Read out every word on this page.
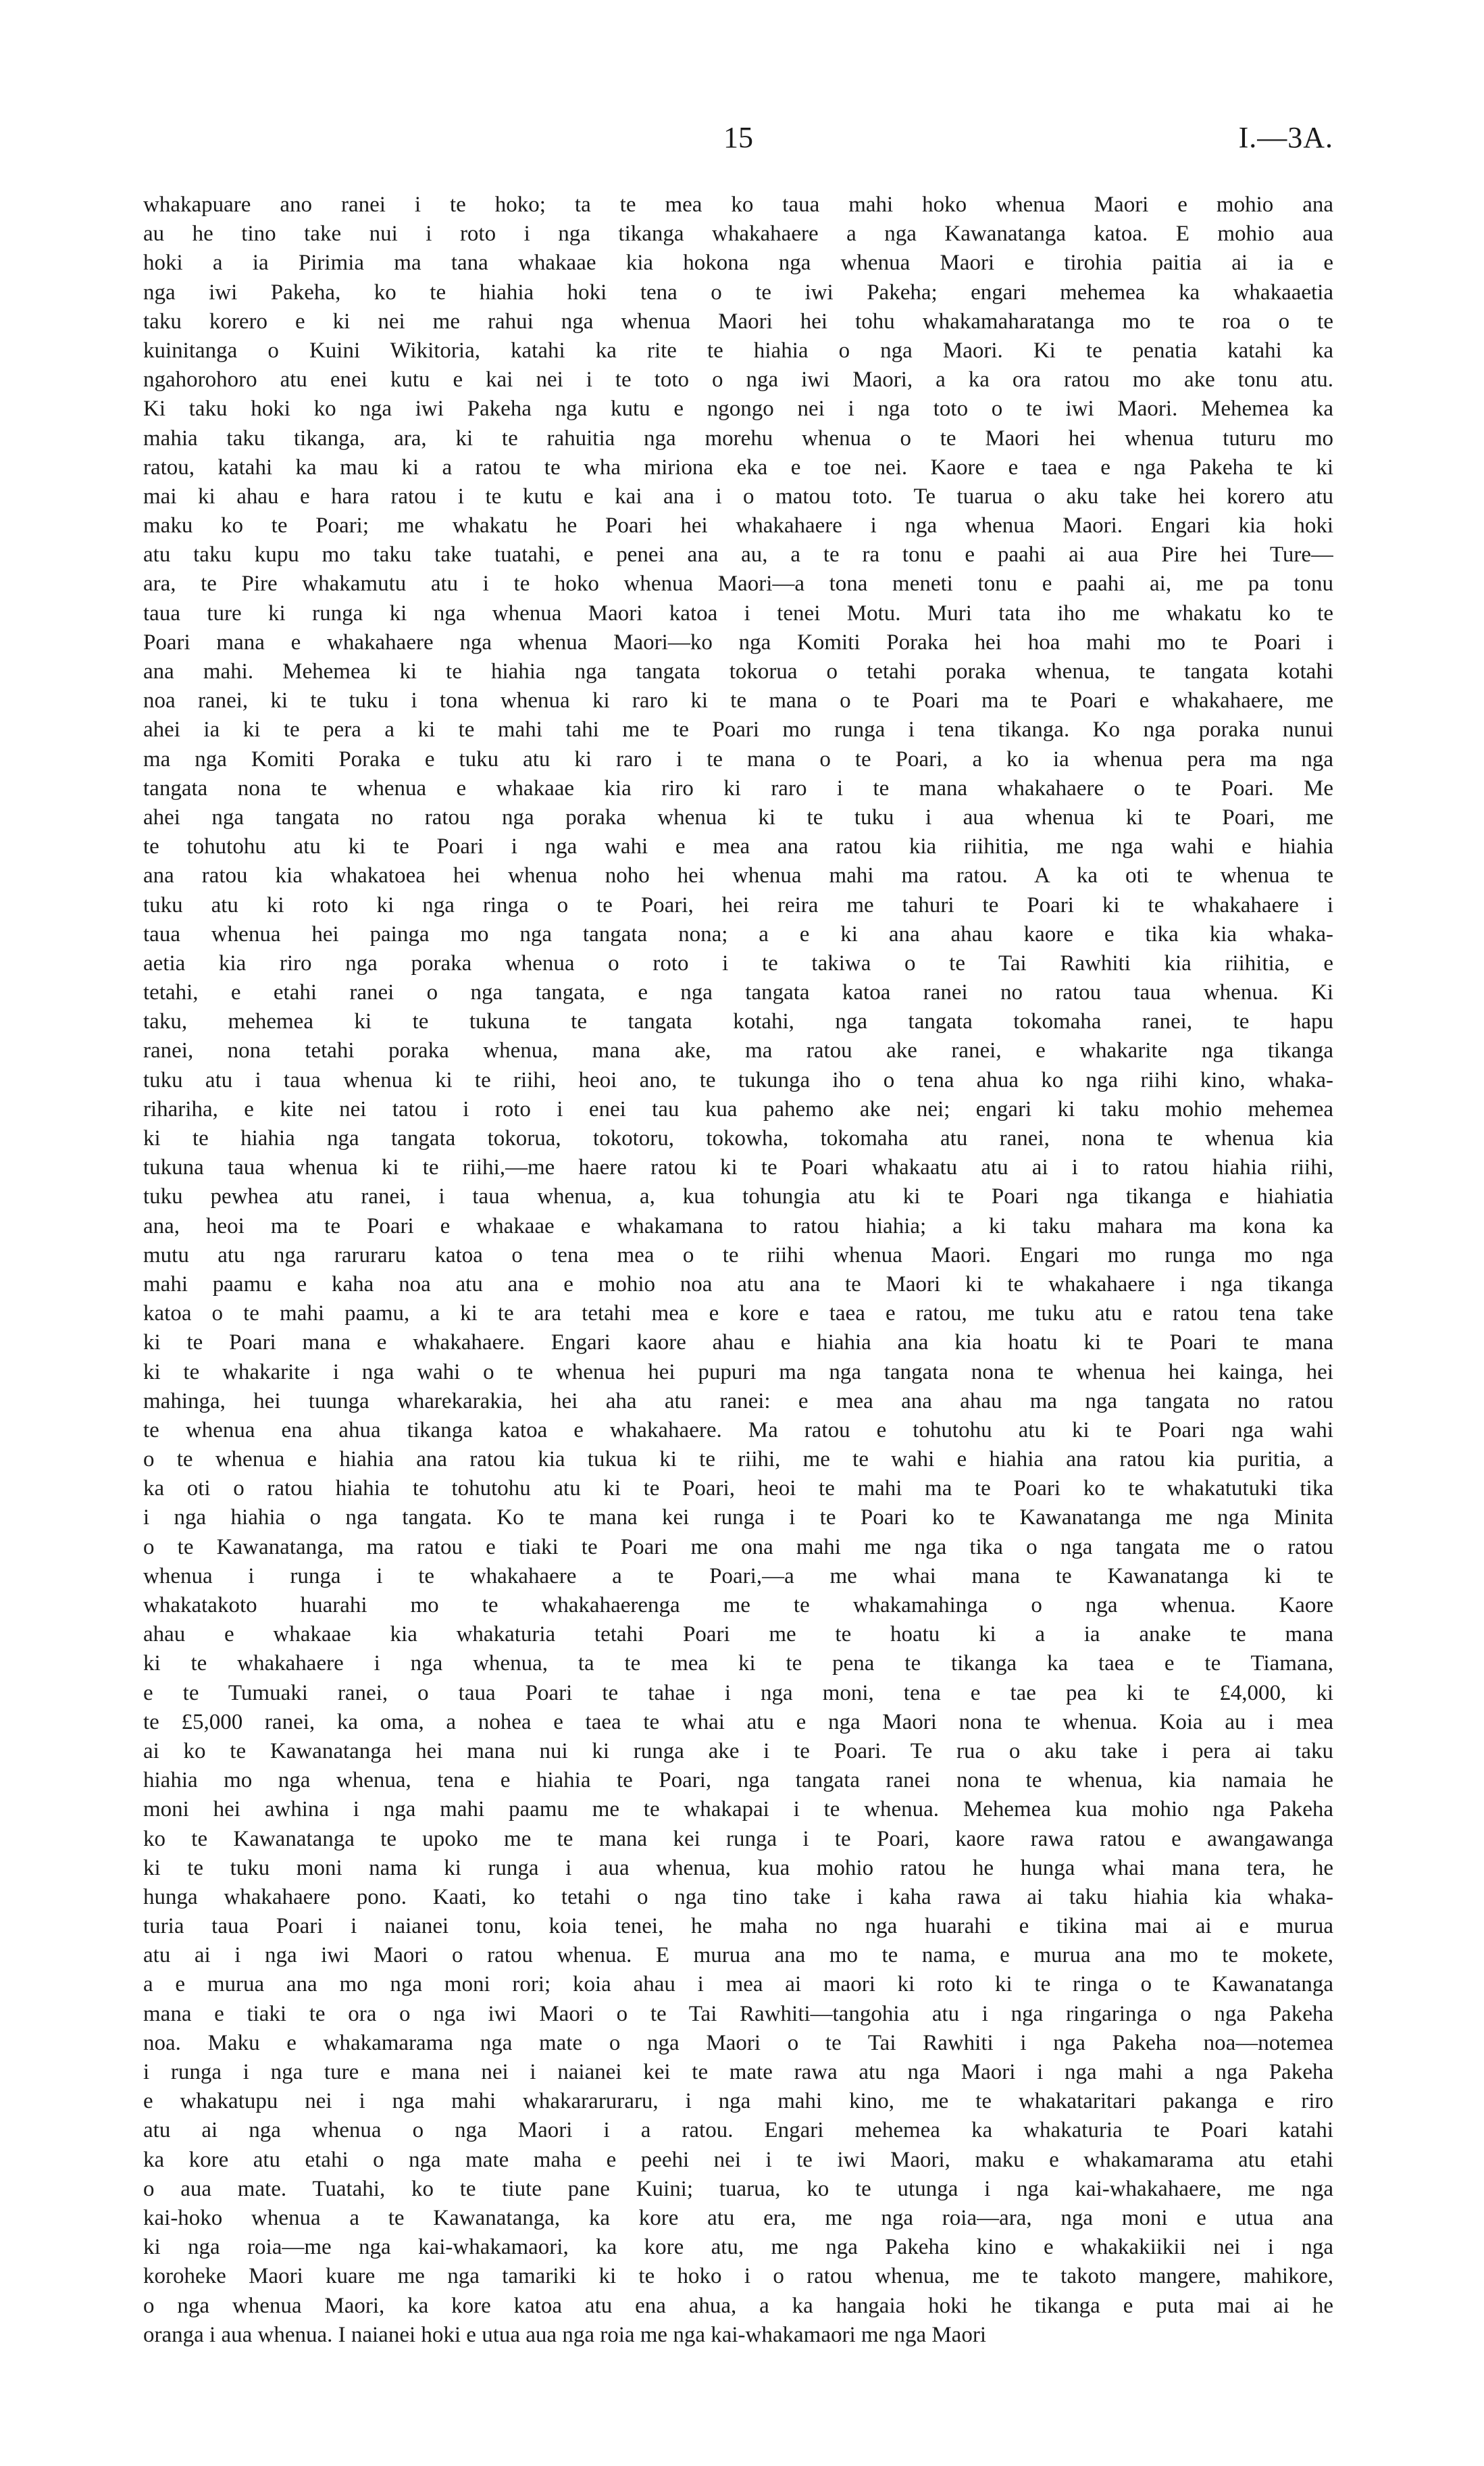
15	I.—3A.
whakapuare ano ranei i te hoko; ta te mea ko taua mahi hoko whenua Maori e mohio ana
au he tino take nui i roto i nga tikanga whakahaere a nga Kawanatanga katoa. E mohio aua
hoki a ia Pirimia ma tana whakaae kia hokona nga whenua Maori e tirohia paitia ai ia e
nga iwi Pakeha, ko te hiahia hoki tena o te iwi Pakeha; engari mehemea ka whakaaetia
taku korero e ki nei me rahui nga whenua Maori hei tohu whakamaharatanga mo te roa o te
kuinitanga o Kuini Wikitoria, katahi ka rite te hiahia o nga Maori. Ki te penatia katahi ka
ngahorohoro atu enei kutu e kai nei i te toto o nga iwi Maori, a ka ora ratou mo ake tonu atu.
Ki taku hoki ko nga iwi Pakeha nga kutu e ngongo nei i nga toto o te iwi Maori. Mehemea ka
mahia taku tikanga, ara, ki te rahuitia nga morehu whenua o te Maori hei whenua tuturu mo
ratou, katahi ka mau ki a ratou te wha miriona eka e toe nei. Kaore e taea e nga Pakeha te ki
mai ki ahau e hara ratou i te kutu e kai ana i o matou toto. Te tuarua o aku take hei korero atu
maku ko te Poari; me whakatu he Poari hei whakahaere i nga whenua Maori. Engari kia hoki
atu taku kupu mo taku take tuatahi, e penei ana au, a te ra tonu e paahi ai aua Pire hei Ture—
ara, te Pire whakamutu atu i te hoko whenua Maori—a tona meneti tonu e paahi ai, me pa tonu
taua ture ki runga ki nga whenua Maori katoa i tenei Motu. Muri tata iho me whakatu ko te
Poari mana e whakahaere nga whenua Maori—ko nga Komiti Poraka hei hoa mahi mo te Poari i
ana mahi. Mehemea ki te hiahia nga tangata tokorua o tetahi poraka whenua, te tangata kotahi
noa ranei, ki te tuku i tona whenua ki raro ki te mana o te Poari ma te Poari e whakahaere, me
ahei ia ki te pera a ki te mahi tahi me te Poari mo runga i tena tikanga. Ko nga poraka nunui
ma nga Komiti Poraka e tuku atu ki raro i te mana o te Poari, a ko ia whenua pera ma nga
tangata nona te whenua e whakaae kia riro ki raro i te mana whakahaere o te Poari. Me
ahei nga tangata no ratou nga poraka whenua ki te tuku i aua whenua ki te Poari, me
te tohutohu atu ki te Poari i nga wahi e mea ana ratou kia riihitia, me nga wahi e hiahia
ana ratou kia whakatoea hei whenua noho hei whenua mahi ma ratou. A ka oti te whenua te
tuku atu ki roto ki nga ringa o te Poari, hei reira me tahuri te Poari ki te whakahaere i
taua whenua hei painga mo nga tangata nona; a e ki ana ahau kaore e tika kia whaka-
aetia kia riro nga poraka whenua o roto i te takiwa o te Tai Rawhiti kia riihitia, e
tetahi, e etahi ranei o nga tangata, e nga tangata katoa ranei no ratou taua whenua. Ki
taku, mehemea ki te tukuna te tangata kotahi, nga tangata tokomaha ranei, te hapu
ranei, nona tetahi poraka whenua, mana ake, ma ratou ake ranei, e whakarite nga tikanga
tuku atu i taua whenua ki te riihi, heoi ano, te tukunga iho o tena ahua ko nga riihi kino, whaka-
rihariha, e kite nei tatou i roto i enei tau kua pahemo ake nei; engari ki taku mohio mehemea
ki te hiahia nga tangata tokorua, tokotoru, tokowha, tokomaha atu ranei, nona te whenua kia
tukuna taua whenua ki te riihi,—me haere ratou ki te Poari whakaatu atu ai i to ratou hiahia riihi,
tuku pewhea atu ranei, i taua whenua, a, kua tohungia atu ki te Poari nga tikanga e hiahiatia
ana, heoi ma te Poari e whakaae e whakamana to ratou hiahia; a ki taku mahara ma kona ka
mutu atu nga raruraru katoa o tena mea o te riihi whenua Maori. Engari mo runga mo nga
mahi paamu e kaha noa atu ana e mohio noa atu ana te Maori ki te whakahaere i nga tikanga
katoa o te mahi paamu, a ki te ara tetahi mea e kore e taea e ratou, me tuku atu e ratou tena take
ki te Poari mana e whakahaere. Engari kaore ahau e hiahia ana kia hoatu ki te Poari te mana
ki te whakarite i nga wahi o te whenua hei pupuri ma nga tangata nona te whenua hei kainga, hei
mahinga, hei tuunga wharekarakia, hei aha atu ranei: e mea ana ahau ma nga tangata no ratou
te whenua ena ahua tikanga katoa e whakahaere. Ma ratou e tohutohu atu ki te Poari nga wahi
o te whenua e hiahia ana ratou kia tukua ki te riihi, me te wahi e hiahia ana ratou kia puritia, a
ka oti o ratou hiahia te tohutohu atu ki te Poari, heoi te mahi ma te Poari ko te whakatutuki tika
i nga hiahia o nga tangata. Ko te mana kei runga i te Poari ko te Kawanatanga me nga Minita
o te Kawanatanga, ma ratou e tiaki te Poari me ona mahi me nga tika o nga tangata me o ratou
whenua i runga i te whakahaere a te Poari,—a me whai mana te Kawanatanga ki te
whakatakoto huarahi mo te whakahaerenga me te whakamahinga o nga whenua. Kaore
ahau e whakaae kia whakaturia tetahi Poari me te hoatu ki a ia anake te mana
ki te whakahaere i nga whenua, ta te mea ki te pena te tikanga ka taea e te Tiamana,
e te Tumuaki ranei, o taua Poari te tahae i nga moni, tena e tae pea ki te £4,000, ki
te £5,000 ranei, ka oma, a nohea e taea te whai atu e nga Maori nona te whenua. Koia au i mea
ai ko te Kawanatanga hei mana nui ki runga ake i te Poari. Te rua o aku take i pera ai taku
hiahia mo nga whenua, tena e hiahia te Poari, nga tangata ranei nona te whenua, kia namaia he
moni hei awhina i nga mahi paamu me te whakapai i te whenua. Mehemea kua mohio nga Pakeha
ko te Kawanatanga te upoko me te mana kei runga i te Poari, kaore rawa ratou e awangawanga
ki te tuku moni nama ki runga i aua whenua, kua mohio ratou he hunga whai mana tera, he
hunga whakahaere pono. Kaati, ko tetahi o nga tino take i kaha rawa ai taku hiahia kia whaka-
turia taua Poari i naianei tonu, koia tenei, he maha no nga huarahi e tikina mai ai e murua
atu ai i nga iwi Maori o ratou whenua. E murua ana mo te nama, e murua ana mo te mokete,
a e murua ana mo nga moni rori; koia ahau i mea ai maori ki roto ki te ringa o te Kawanatanga
mana e tiaki te ora o nga iwi Maori o te Tai Rawhiti—tangohia atu i nga ringaringa o nga Pakeha
noa. Maku e whakamarama nga mate o nga Maori o te Tai Rawhiti i nga Pakeha noa—notemea
i runga i nga ture e mana nei i naianei kei te mate rawa atu nga Maori i nga mahi a nga Pakeha
e whakatupu nei i nga mahi whakararuraru, i nga mahi kino, me te whakataritari pakanga e riro
atu ai nga whenua o nga Maori i a ratou. Engari mehemea ka whakaturia te Poari katahi
ka kore atu etahi o nga mate maha e peehi nei i te iwi Maori, maku e whakamarama atu etahi
o aua mate. Tuatahi, ko te tiute pane Kuini; tuarua, ko te utunga i nga kai-whakahaere, me nga
kai-hoko whenua a te Kawanatanga, ka kore atu era, me nga roia—ara, nga moni e utua ana
ki nga roia—me nga kai-whakamaori, ka kore atu, me nga Pakeha kino e whakakiikii nei i nga
koroheke Maori kuare me nga tamariki ki te hoko i o ratou whenua, me te takoto mangere, mahikore,
o nga whenua Maori, ka kore katoa atu ena ahua, a ka hangaia hoki he tikanga e puta mai ai he
oranga i aua whenua. I naianei hoki e utua aua nga roia me nga kai-whakamaori me nga Maori
